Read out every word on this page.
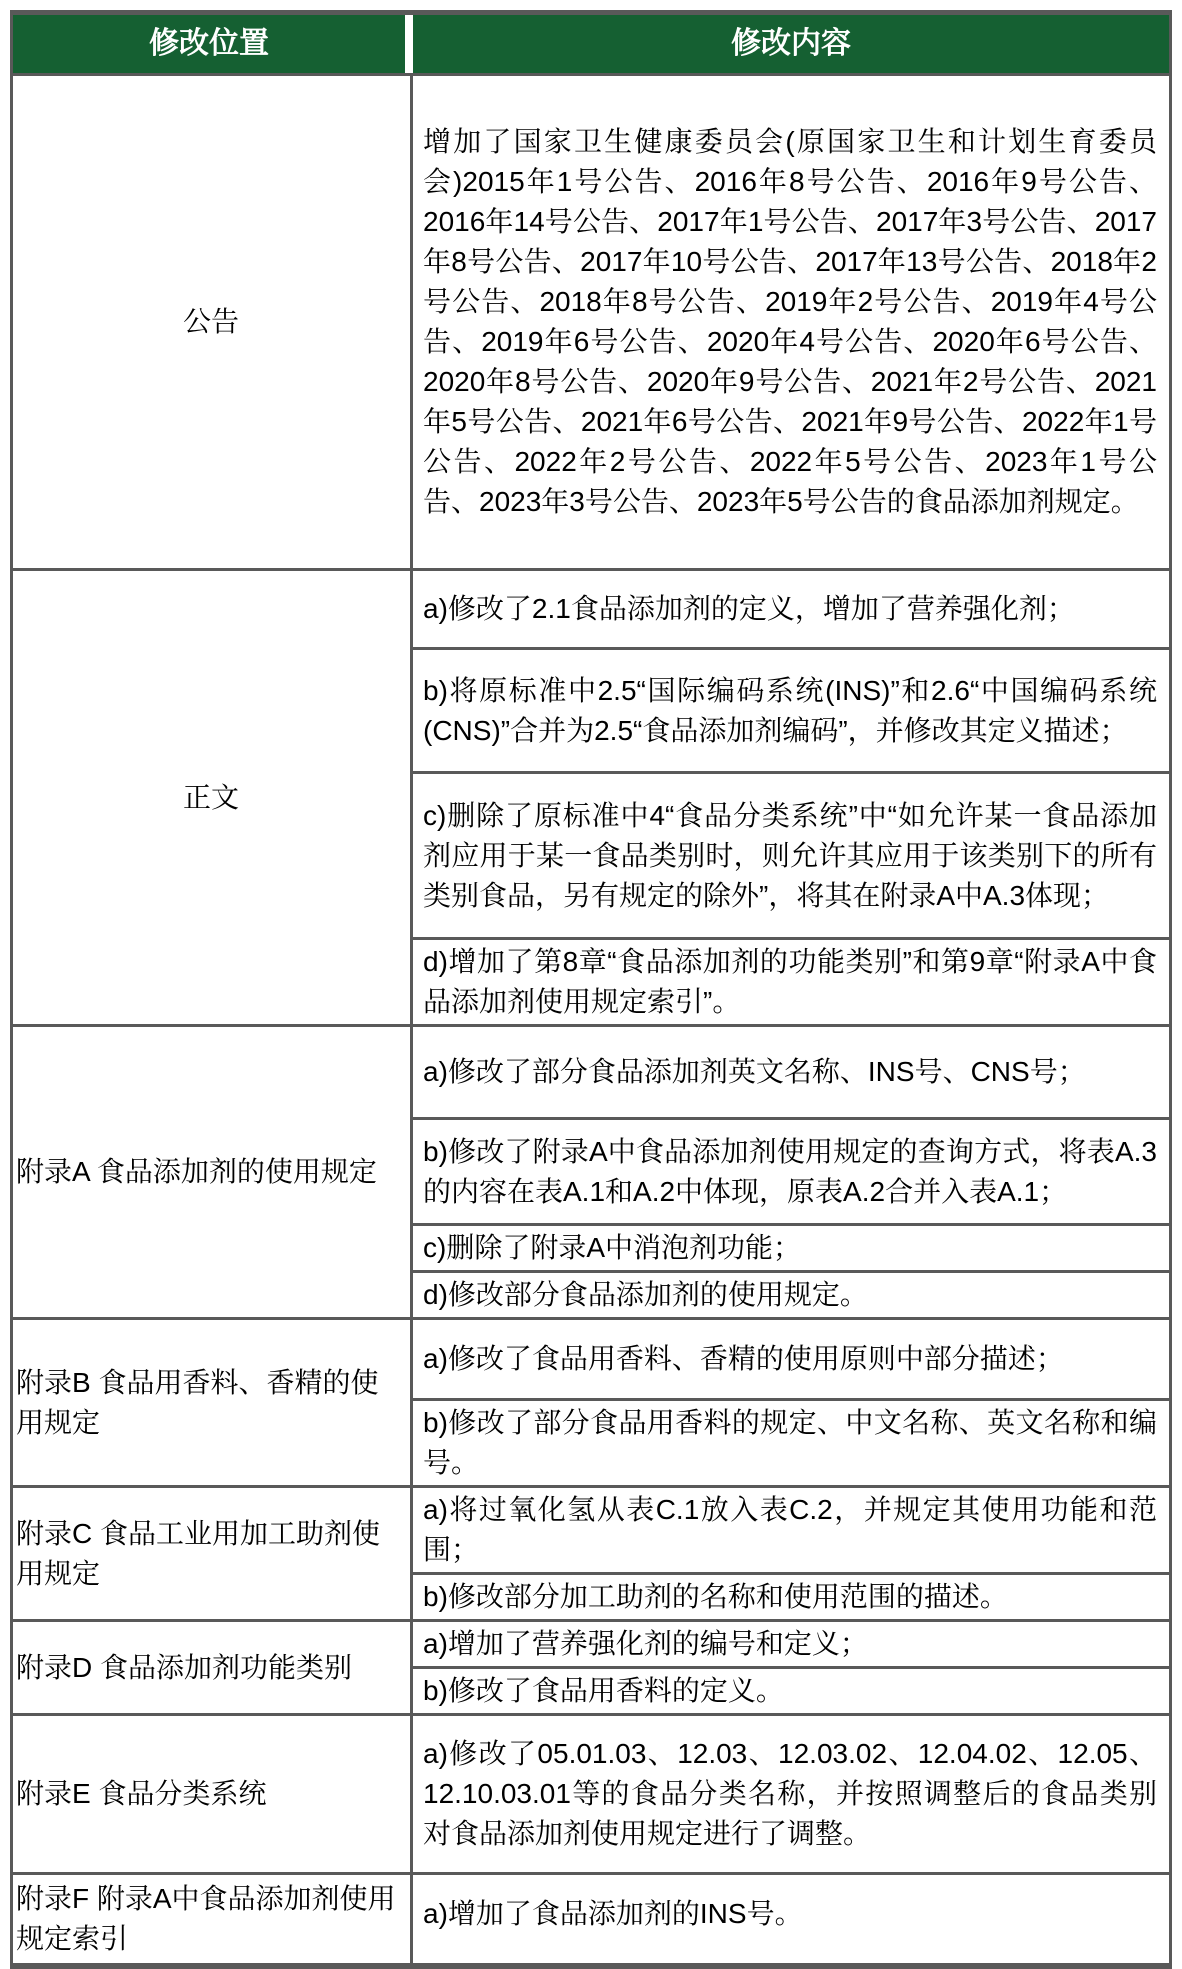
修改位置	修改内容
公告
增加了国家卫生健康委员会(原国家卫生和计划生育委员会)2015年1号公告、2016年8号公告、2016年9号公告、2016年14号公告、2017年1号公告、2017年3号公告、2017年8号公告、2017年10号公告、2017年13号公告、2018年2号公告、2018年8号公告、2019年2号公告、2019年4号公告、2019年6号公告、2020年4号公告、2020年6号公告、2020年8号公告、2020年9号公告、2021年2号公告、2021年5号公告、2021年6号公告、2021年9号公告、2022年1号公告、2022年2号公告、2022年5号公告、2023年1号公告、2023年3号公告、2023年5号公告的食品添加剂规定。
正文
a)修改了2.1食品添加剂的定义，增加了营养强化剂；
b)将原标准中2.5“国际编码系统(INS)”和2.6“中国编码系统(CNS)”合并为2.5“食品添加剂编码”，并修改其定义描述；
c)删除了原标准中4“食品分类系统”中“如允许某一食品添加剂应用于某一食品类别时，则允许其应用于该类别下的所有类别食品，另有规定的除外”，将其在附录A中A.3体现；
d)增加了第8章“食品添加剂的功能类别”和第9章“附录A中食品添加剂使用规定索引”。
附录A 食品添加剂的使用规定
a)修改了部分食品添加剂英文名称、INS号、CNS号；
b)修改了附录A中食品添加剂使用规定的查询方式，将表A.3的内容在表A.1和A.2中体现，原表A.2合并入表A.1；
c)删除了附录A中消泡剂功能；
d)修改部分食品添加剂的使用规定。
附录B 食品用香料、香精的使用规定
a)修改了食品用香料、香精的使用原则中部分描述；
b)修改了部分食品用香料的规定、中文名称、英文名称和编号。
附录C 食品工业用加工助剂使用规定
a)将过氧化氢从表C.1放入表C.2，并规定其使用功能和范围；
b)修改部分加工助剂的名称和使用范围的描述。
附录D 食品添加剂功能类别
a)增加了营养强化剂的编号和定义；
b)修改了食品用香料的定义。
附录E 食品分类系统
a)修改了05.01.03、12.03、12.03.02、12.04.02、12.05、12.10.03.01等的食品分类名称，并按照调整后的食品类别对食品添加剂使用规定进行了调整。
附录F 附录A中食品添加剂使用规定索引
a)增加了食品添加剂的INS号。
